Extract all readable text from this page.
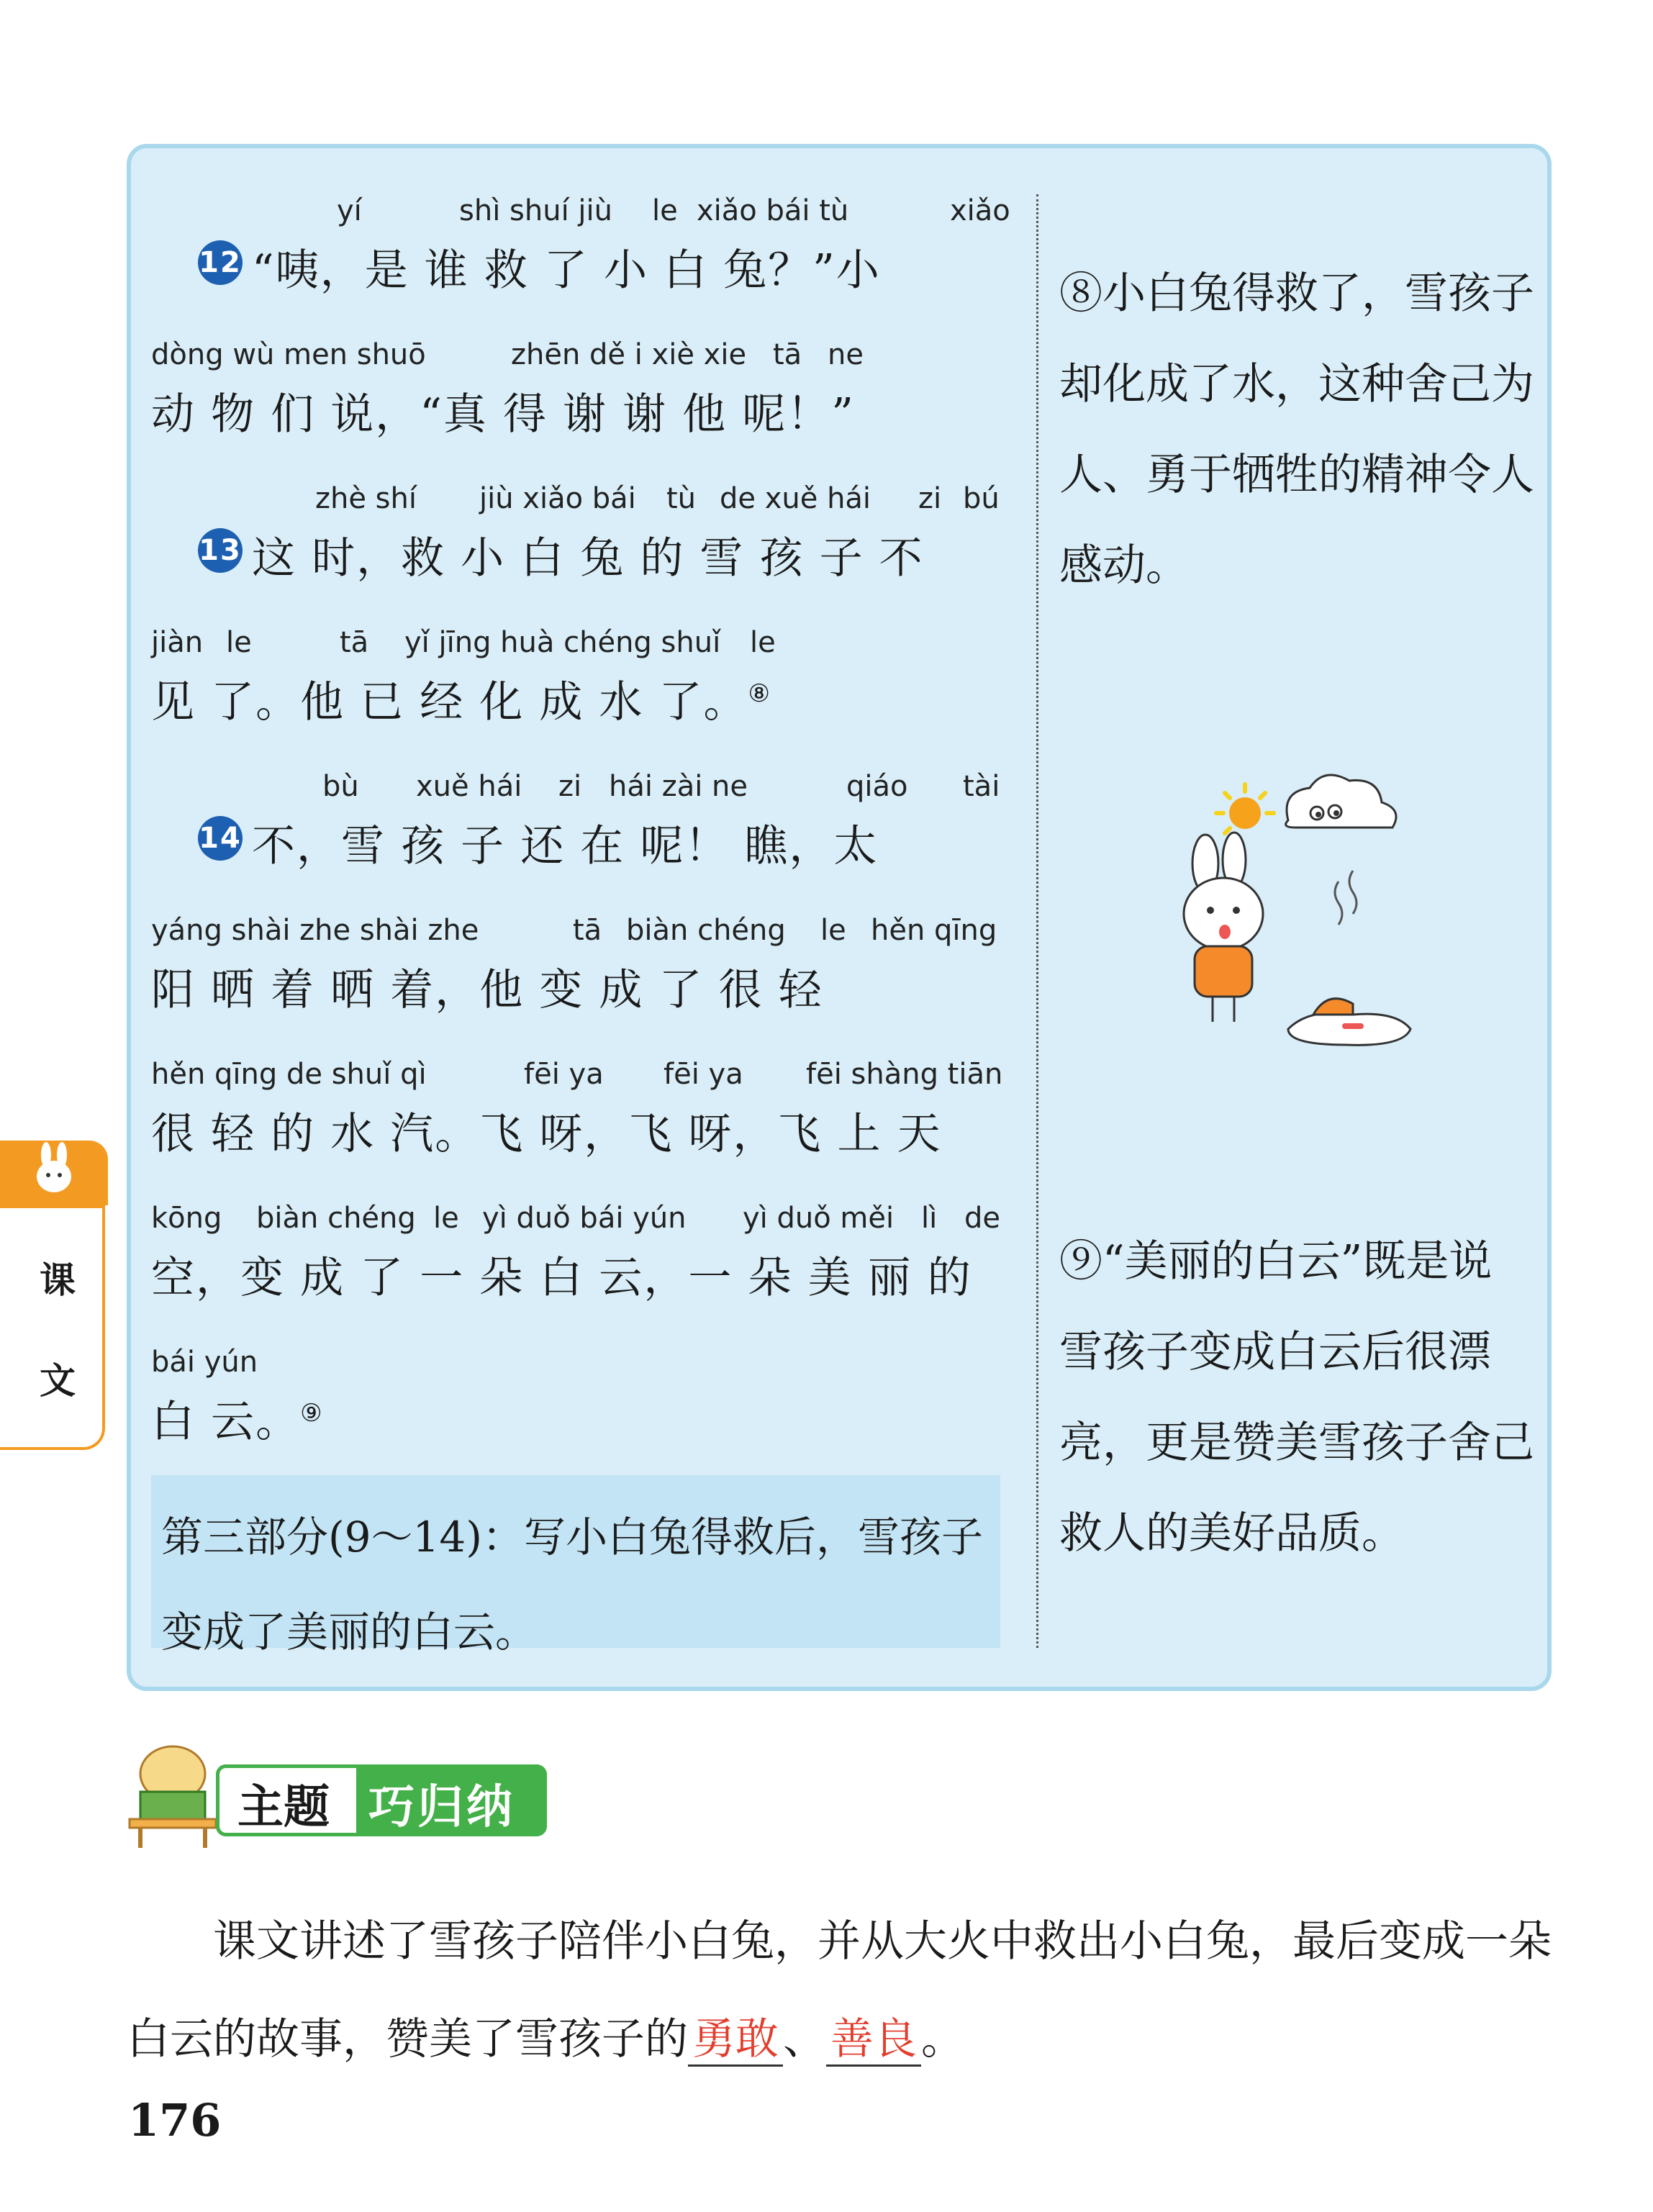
yí	shì shuí jiù le xiǎo bái tù	xiǎo
12 “咦，是 谁 救 了 小 白 兔？”小
dòng wù men shuō	zhēn dě i xiè xie tā ne
动 物 们 说，“真 得 谢 谢 他 呢！”
zhè shí jiù xiǎo bái tù de xuě hái zi bú
13 这 时，救 小 白 兔 的 雪 孩 子 不
jiàn le	tā yǐ jīng huà chéng shuǐ le
见 了。他 已 经 化 成 水 了。⑧
bù xuě hái zi hái zài ne	qiáo tài
14 不，雪 孩 子 还 在 呢！ 瞧，太
yáng shài zhe shài zhe	tā biàn chéng le hěn qīng
阳 晒 着 晒 着，他 变 成 了 很 轻
hěn qīng de shuǐ qì	fēi ya fēi ya fēi shàng tiān
很 轻 的 水 汽。飞 呀，飞 呀，飞 上 天
kōng biàn chéng le yì duǒ bái yún yì duǒ měi lì de
空，变 成 了 一 朵 白 云，一 朵 美 丽 的
bái yún
白 云。⑨
第三部分(9～14)：写小白兔得救后，雪孩子变成了美丽的白云。
⑧小白兔得救了，雪孩子却化成了水，这种舍己为人、勇于牺牲的精神令人感动。
⑨“美丽的白云”既是说雪孩子变成白云后很漂亮，更是赞美雪孩子舍己救人的美好品质。
课
文
主题 巧归纳
课文讲述了雪孩子陪伴小白兔，并从大火中救出小白兔，最后变成一朵白云的故事，赞美了雪孩子的 勇敢 、 善良 。
176
